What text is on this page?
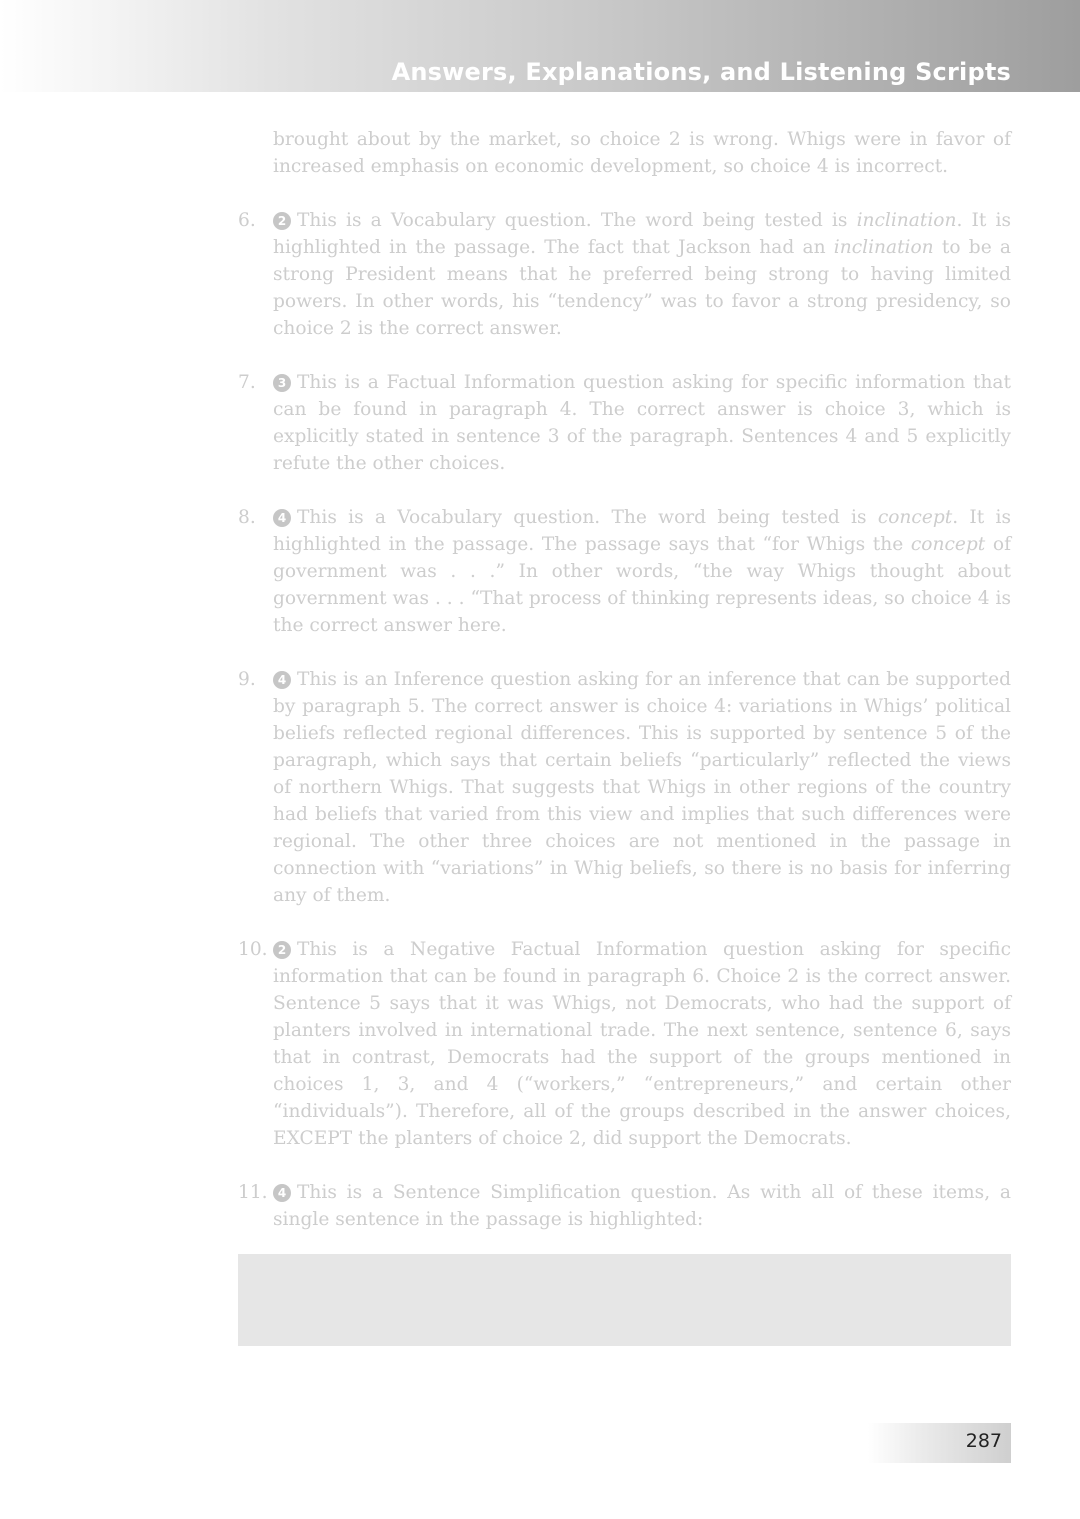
Answers, Explanations, and Listening Scripts

brought about by the market, so choice 2 is wrong. Whigs were in favor of increased emphasis on economic development, so choice 4 is incorrect.

6.	2 This is a Vocabulary question. The word being tested is inclination. It is highlighted in the passage. The fact that Jackson had an inclination to be a strong President means that he preferred being strong to having limited powers. In other words, his “tendency” was to favor a strong presidency, so choice 2 is the correct answer.
7.	3 This is a Factual Information question asking for specific information that can be found in paragraph 4. The correct answer is choice 3, which is explicitly stated in sentence 3 of the paragraph. Sentences 4 and 5 explicitly refute the other choices.
8.	4 This is a Vocabulary question. The word being tested is concept. It is highlighted in the passage. The passage says that “for Whigs the concept of government was . . .” In other words, “the way Whigs thought about government was . . . “That process of thinking represents ideas, so choice 4 is the correct answer here.
9.	4 This is an Inference question asking for an inference that can be supported by paragraph 5. The correct answer is choice 4: variations in Whigs’ political beliefs reflected regional differences. This is supported by sentence 5 of the paragraph, which says that certain beliefs “particularly” reflected the views of northern Whigs. That suggests that Whigs in other regions of the country had beliefs that varied from this view and implies that such differences were regional. The other three choices are not mentioned in the passage in connection with “variations” in Whig beliefs, so there is no basis for inferring any of them.
10. 2 This is a Negative Factual Information question asking for specific information that can be found in paragraph 6. Choice 2 is the correct answer. Sentence 5 says that it was Whigs, not Democrats, who had the support of planters involved in international trade. The next sentence, sentence 6, says that in contrast, Democrats had the support of the groups mentioned in choices 1, 3, and 4 (“workers,” “entrepreneurs,” and certain other “individuals”). Therefore, all of the groups described in the answer choices, EXCEPT the planters of choice 2, did support the Democrats.
11. 4 This is a Sentence Simplification question. As with all of these items, a single sentence in the passage is highlighted:
287
